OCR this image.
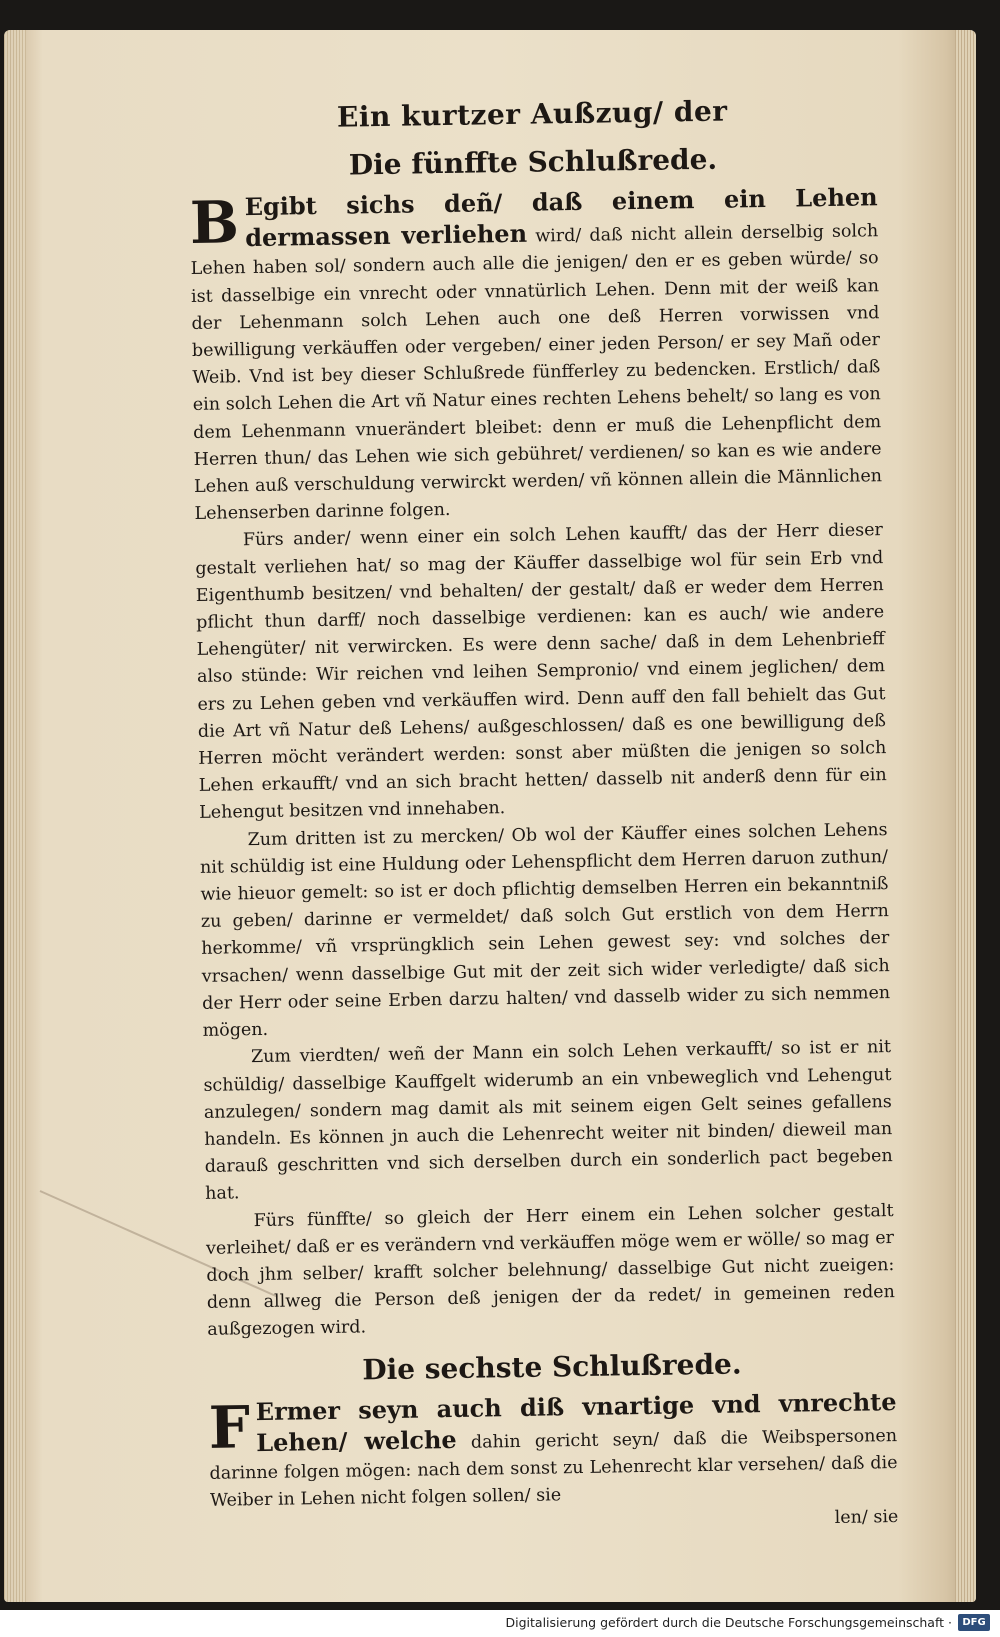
Ein kurtzer Außzug/ der
Die fünffte Schlußrede.

B Egibt sichs deñ/ daß einem ein Lehen dermassen verliehen wird/ daß nicht allein derselbig solch Lehen haben sol/ sondern auch alle die jenigen/ den er es geben würde/ so ist dasselbige ein vnrecht oder vnnatürlich Lehen. Denn mit der weiß kan der Lehenmann solch Lehen auch one deß Herren vorwissen vnd bewilligung verkäuffen oder vergeben/ einer jeden Person/ er sey Mañ oder Weib. Vnd ist bey dieser Schlußrede fünfferley zu bedencken. Erstlich/ daß ein solch Lehen die Art vñ Natur eines rechten Lehens behelt/ so lang es von dem Lehenmann vnuerändert bleibet: denn er muß die Lehenpflicht dem Herren thun/ das Lehen wie sich gebühret/ verdienen/ so kan es wie andere Lehen auß verschuldung verwirckt werden/ vñ können allein die Männlichen Lehenserben darinne folgen.

Fürs ander/ wenn einer ein solch Lehen kaufft/ das der Herr dieser gestalt verliehen hat/ so mag der Käuffer dasselbige wol für sein Erb vnd Eigenthumb besitzen/ vnd behalten/ der gestalt/ daß er weder dem Herren pflicht thun darff/ noch dasselbige verdienen: kan es auch/ wie andere Lehengüter/ nit verwircken. Es were denn sache/ daß in dem Lehenbrieff also stünde: Wir reichen vnd leihen Sempronio/ vnd einem jeglichen/ dem ers zu Lehen geben vnd verkäuffen wird. Denn auff den fall behielt das Gut die Art vñ Natur deß Lehens/ außgeschlossen/ daß es one bewilligung deß Herren möcht verändert werden: sonst aber müßten die jenigen so solch Lehen erkaufft/ vnd an sich bracht hetten/ dasselb nit anderß denn für ein Lehengut besitzen vnd innehaben.

Zum dritten ist zu mercken/ Ob wol der Käuffer eines solchen Lehens nit schüldig ist eine Huldung oder Lehenspflicht dem Herren daruon zuthun/ wie hieuor gemelt: so ist er doch pflichtig demselben Herren ein bekanntniß zu geben/ darinne er vermeldet/ daß solch Gut erstlich von dem Herrn herkomme/ vñ vrsprüngklich sein Lehen gewest sey: vnd solches der vrsachen/ wenn dasselbige Gut mit der zeit sich wider verledigte/ daß sich der Herr oder seine Erben darzu halten/ vnd dasselb wider zu sich nemmen mögen.

Zum vierdten/ weñ der Mann ein solch Lehen verkaufft/ so ist er nit schüldig/ dasselbige Kauffgelt widerumb an ein vnbeweglich vnd Lehengut anzulegen/ sondern mag damit als mit seinem eigen Gelt seines gefallens handeln. Es können jn auch die Lehenrecht weiter nit binden/ dieweil man darauß geschritten vnd sich derselben durch ein sonderlich pact begeben hat.

Fürs fünffte/ so gleich der Herr einem ein Lehen solcher gestalt verleihet/ daß er es verändern vnd verkäuffen möge wem er wölle/ so mag er doch jhm selber/ krafft solcher belehnung/ dasselbige Gut nicht zueigen: denn allweg die Person deß jenigen der da redet/ in gemeinen reden außgezogen wird.

Die sechste Schlußrede.

F Ermer seyn auch diß vnartige vnd vnrechte Lehen/ welche dahin gericht seyn/ daß die Weibspersonen darinne folgen mögen: nach dem sonst zu Lehenrecht klar versehen/ daß die Weiber in Lehen nicht folgen sollen/ sie

len/ sie
Digitalisierung gefördert durch die Deutsche Forschungsgemeinschaft ·	DFG
